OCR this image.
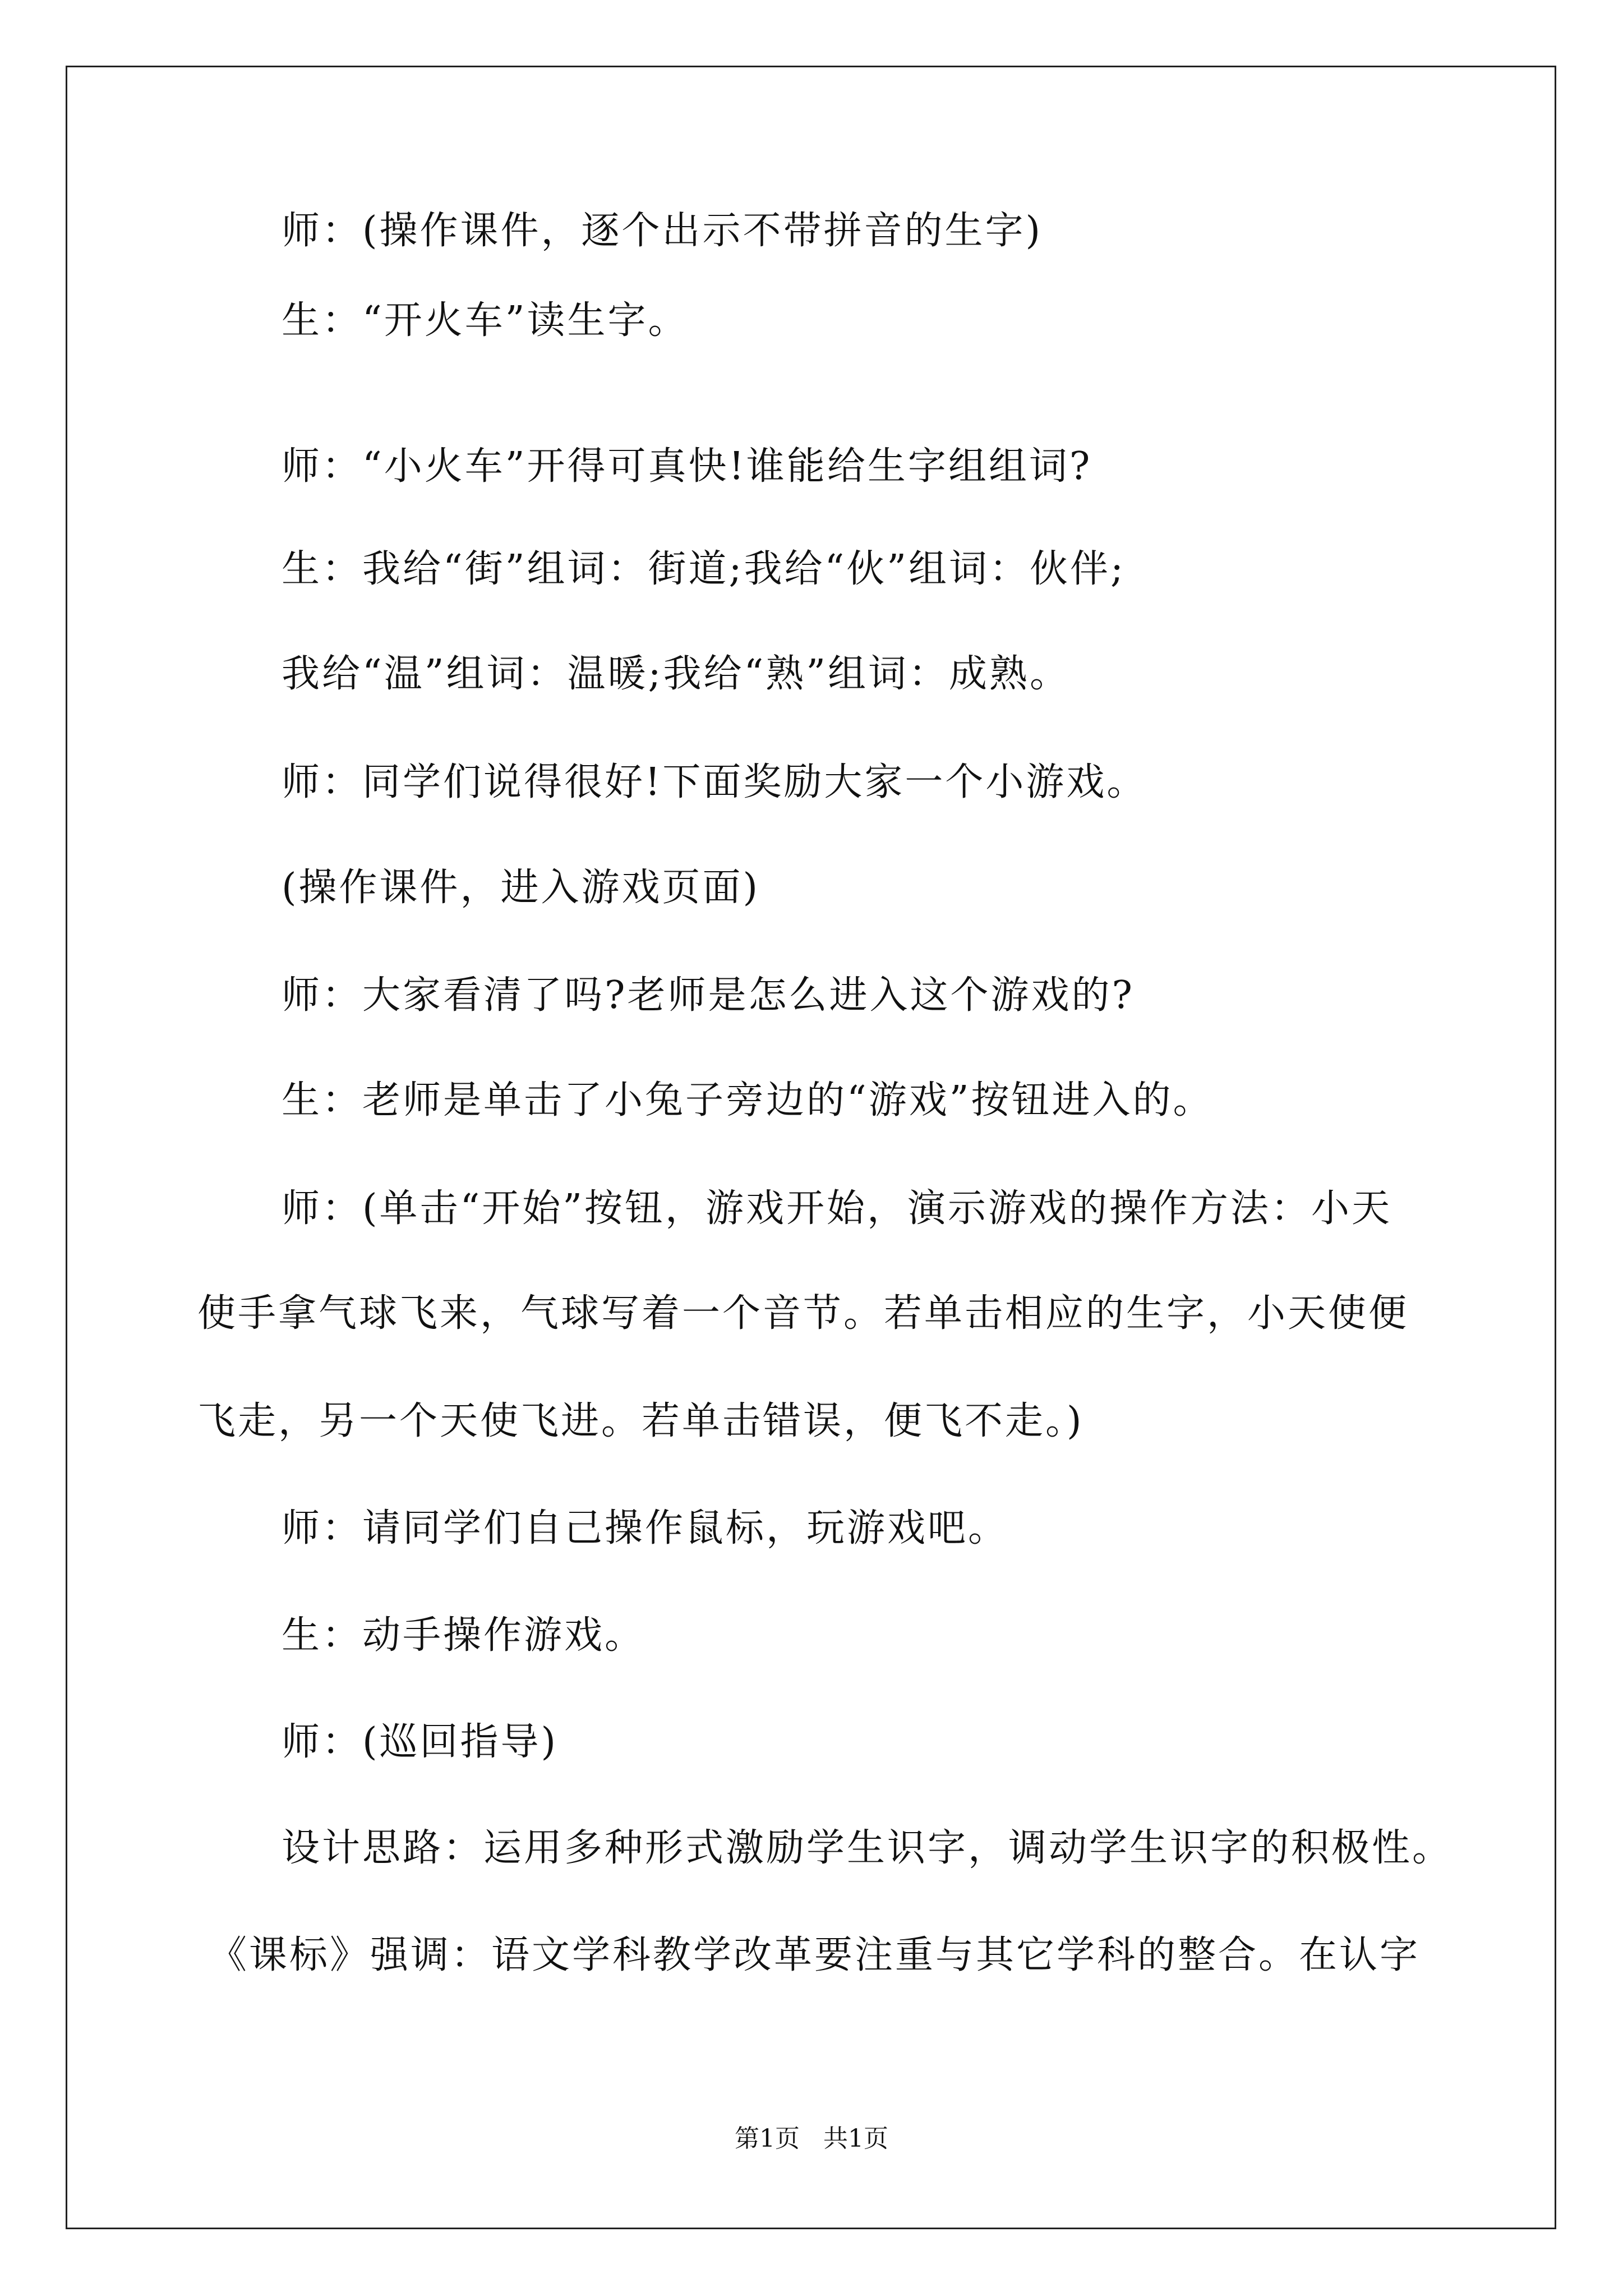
师：(操作课件，逐个出示不带拼音的生字)
生：“开火车”读生字。
师：“小火车”开得可真快!谁能给生字组组词?
生：我给“街”组词：街道;我给“伙”组词：伙伴;
我给“温”组词：温暖;我给“熟”组词：成熟。
师：同学们说得很好!下面奖励大家一个小游戏。
(操作课件，进入游戏页面)
师：大家看清了吗?老师是怎么进入这个游戏的?
生：老师是单击了小兔子旁边的“游戏”按钮进入的。
师：(单击“开始”按钮，游戏开始，演示游戏的操作方法：小天
使手拿气球飞来，气球写着一个音节。若单击相应的生字，小天使便
飞走，另一个天使飞进。若单击错误，便飞不走。)
师：请同学们自己操作鼠标，玩游戏吧。
生：动手操作游戏。
师：(巡回指导)
设计思路：运用多种形式激励学生识字，调动学生识字的积极性。
《课标》强调：语文学科教学改革要注重与其它学科的整合。在认字
第1页   共1页
